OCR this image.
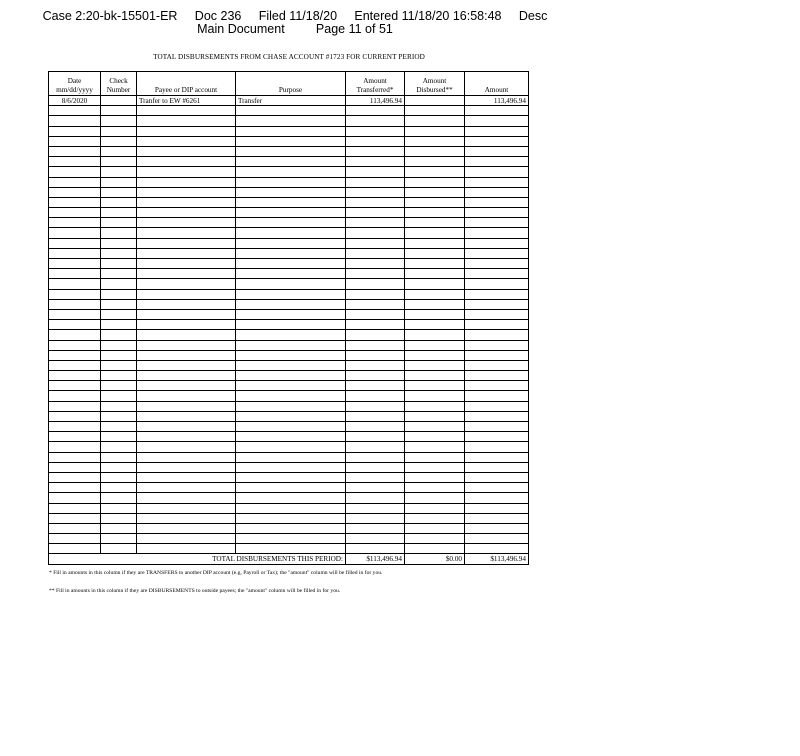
Case 2:20-bk-15501-ER     Doc 236     Filed 11/18/20     Entered 11/18/20 16:58:48     Desc
Main Document         Page 11 of 51
TOTAL DISBURSEMENTS FROM CHASE ACCOUNT #1723 FOR CURRENT PERIOD
Date mm/dd/yyyy	Check Number	Payee or DIP account	Purpose	Amount Transferred*	Amount Disbursed**	Amount
8/6/2020		Tranfer to EW #6261	Transfer	113,496.94		113,496.94

TOTAL DISBURSEMENTS THIS PERIOD:				$113,496.94	$0.00	$113,496.94
* Fill in amounts in this column if they are TRANSFERS to another DIP account (e.g, Payroll or Tax); the "amount" column will be filled in for you.
** Fill in amounts in this column if they are DISBURSEMENTS to outside payees; the "amount" column will be filled in for you.
